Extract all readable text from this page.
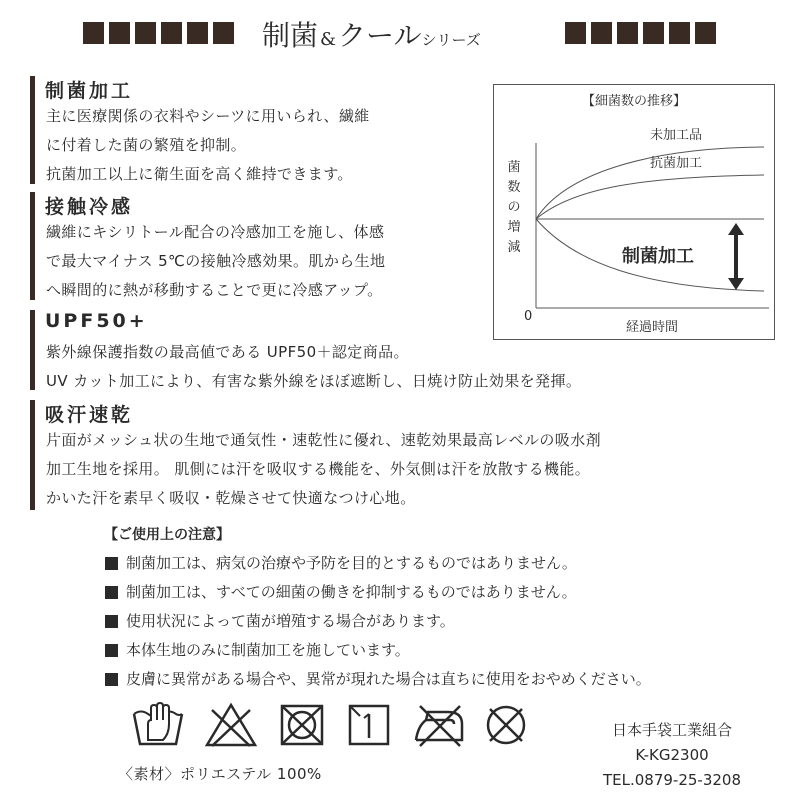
制菌 &クールシリーズ
制菌加工
主に医療関係の衣料やシーツに用いられ、繊維
に付着した菌の繁殖を抑制。
抗菌加工以上に衛生面を高く維持できます。
接触冷感
繊維にキシリトール配合の冷感加工を施し、体感
で最大マイナス 5℃の接触冷感効果。肌から生地
へ瞬間的に熱が移動することで更に冷感アップ。
UPF50+
紫外線保護指数の最高値である UPF50＋認定商品。
UV カット加工により、有害な紫外線をほぼ遮断し、日焼け防止効果を発揮。
吸汗速乾
片面がメッシュ状の生地で通気性・速乾性に優れ、速乾効果最高レベルの吸水剤
加工生地を採用。 肌側には汗を吸収する機能を、外気側は汗を放散する機能。
かいた汗を素早く吸収・乾燥させて快適なつけ心地。
【細菌数の推移】
菌
数
の
増
減
0
経過時間
未加工品
抗菌加工
制菌加工
【ご使用上の注意】
制菌加工は、病気の治療や予防を目的とするものではありません。
制菌加工は、すべての細菌の働きを抑制するものではありません。
使用状況によって菌が増殖する場合があります。
本体生地のみに制菌加工を施しています。
皮膚に異常がある場合や、異常が現れた場合は直ちに使用をおやめください。
〈素材〉ポリエステル 100%
日本手袋工業組合
K-KG2300
TEL.0879-25-3208
